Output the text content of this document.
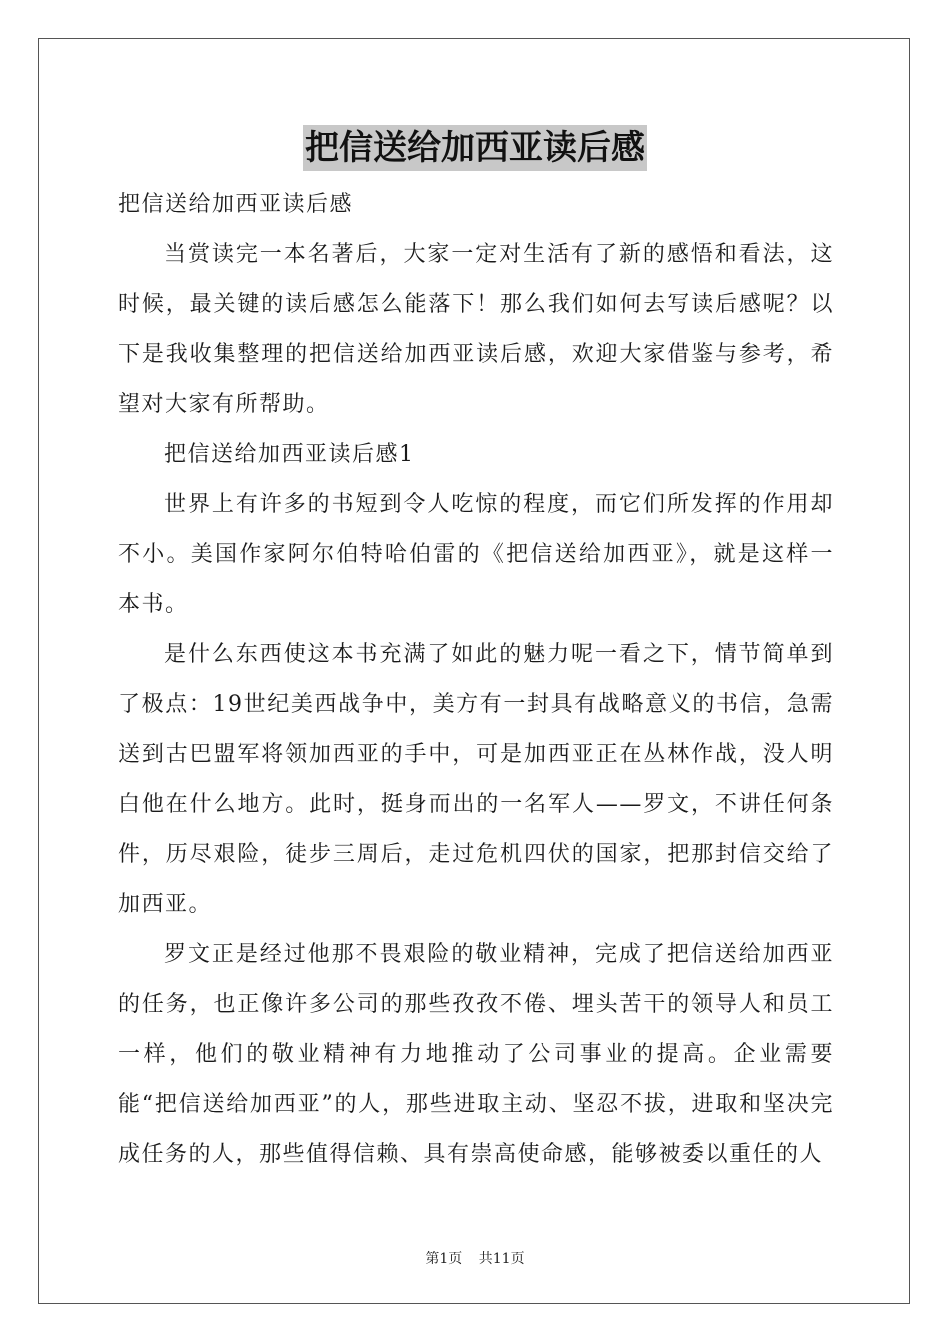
把信送给加西亚读后感

把信送给加西亚读后感

当赏读完一本名著后，大家一定对生活有了新的感悟和看法，这时候，最关键的读后感怎么能落下！那么我们如何去写读后感呢？以下是我收集整理的把信送给加西亚读后感，欢迎大家借鉴与参考，希望对大家有所帮助。

把信送给加西亚读后感1

世界上有许多的书短到令人吃惊的程度，而它们所发挥的作用却不小。美国作家阿尔伯特哈伯雷的《把信送给加西亚》，就是这样一本书。

是什么东西使这本书充满了如此的魅力呢一看之下，情节简单到了极点：19世纪美西战争中，美方有一封具有战略意义的书信，急需送到古巴盟军将领加西亚的手中，可是加西亚正在丛林作战，没人明白他在什么地方。此时，挺身而出的一名军人——罗文，不讲任何条件，历尽艰险，徒步三周后，走过危机四伏的国家，把那封信交给了加西亚。

罗文正是经过他那不畏艰险的敬业精神，完成了把信送给加西亚的任务，也正像许多公司的那些孜孜不倦、埋头苦干的领导人和员工一样，他们的敬业精神有力地推动了公司事业的提高。企业需要能“把信送给加西亚”的人，那些进取主动、坚忍不拔，进取和坚决完成任务的人，那些值得信赖、具有崇高使命感，能够被委以重任的人

第1页 共11页
